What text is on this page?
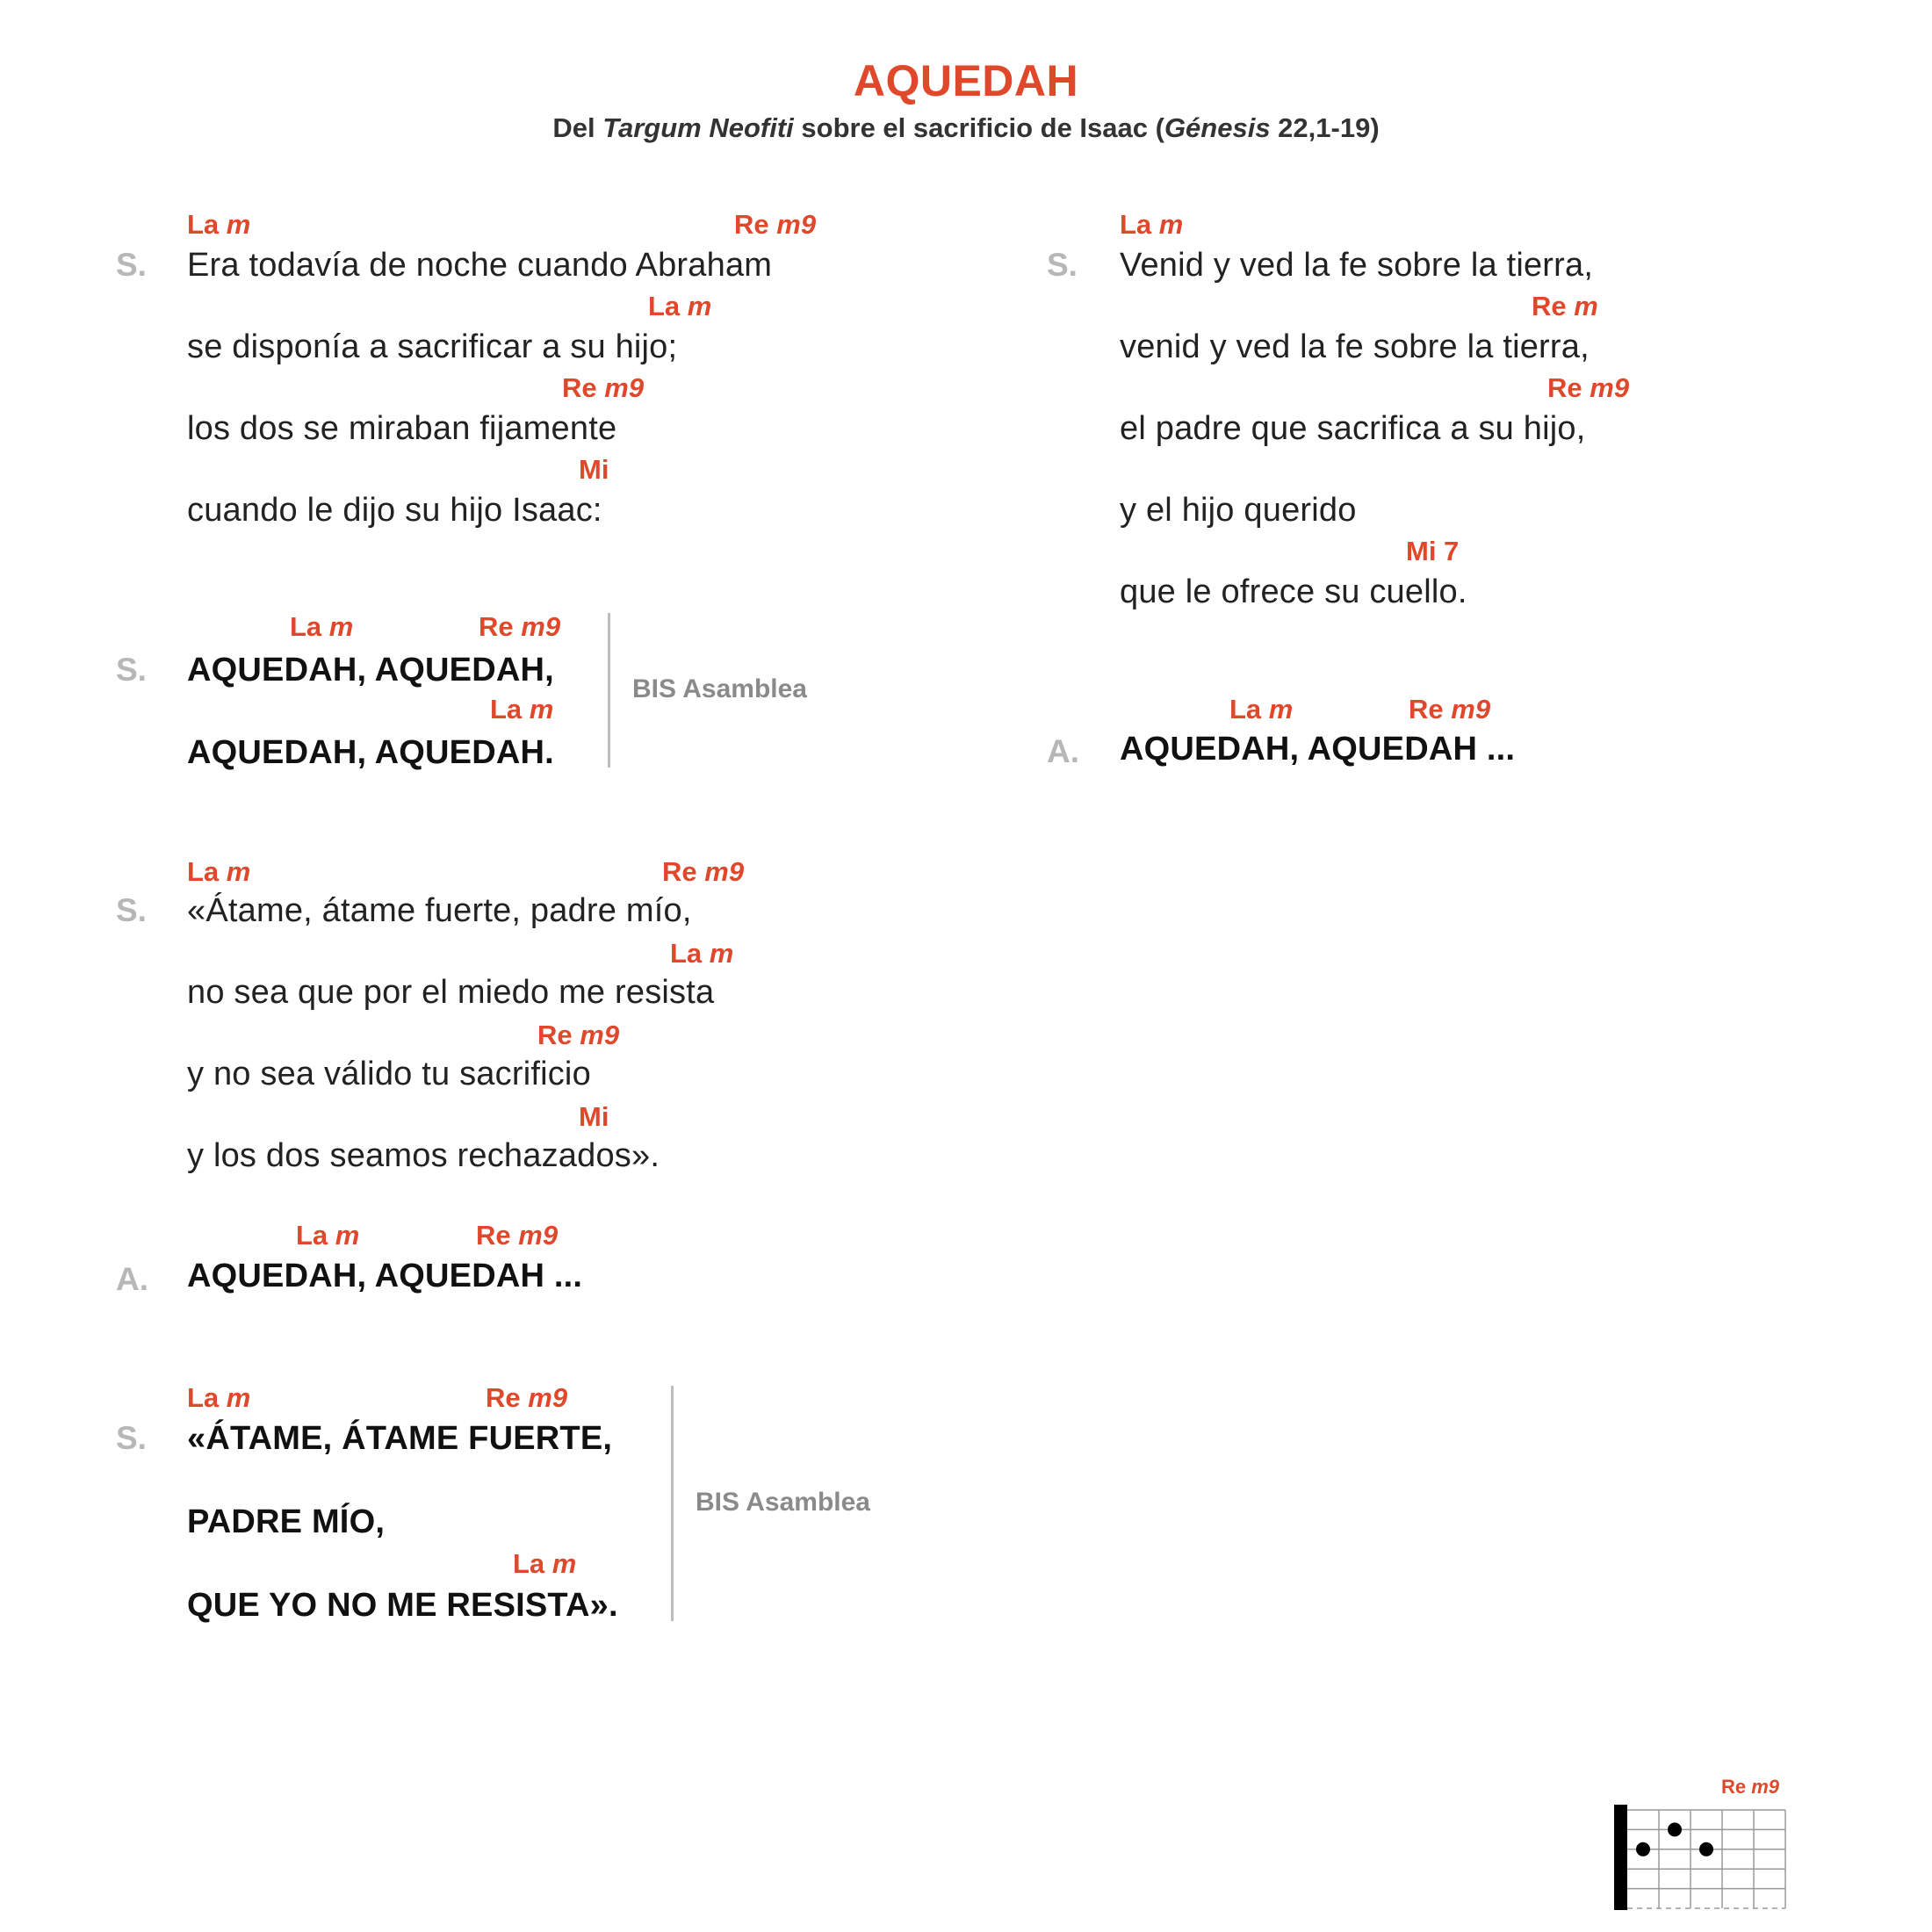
AQUEDAH
Del Targum Neofiti sobre el sacrificio de Isaac (Génesis 22,1-19)
La m	Re m9
S. Era todavía de noche cuando Abraham
La m
se disponía a sacrificar a su hijo;
Re m9
los dos se miraban fijamente
Mi
cuando le dijo su hijo Isaac:
La m	Re m9
S. AQUEDAH, AQUEDAH,
La m
AQUEDAH, AQUEDAH.
BIS Asamblea
La m	Re m9
S. «Átame, átame fuerte, padre mío,
La m
no sea que por el miedo me resista
Re m9
y no sea válido tu sacrificio
Mi
y los dos seamos rechazados».
La m	Re m9
A. AQUEDAH, AQUEDAH ...
La m	Re m9
S. «ÁTAME, ÁTAME FUERTE,
PADRE MÍO,
La m
QUE YO NO ME RESISTA».
BIS Asamblea
La m
S. Venid y ved la fe sobre la tierra,
Re m
venid y ved la fe sobre la tierra,
Re m9
el padre que sacrifica a su hijo,
y el hijo querido
Mi 7
que le ofrece su cuello.
La m	Re m9
A. AQUEDAH, AQUEDAH ...
Re m9
